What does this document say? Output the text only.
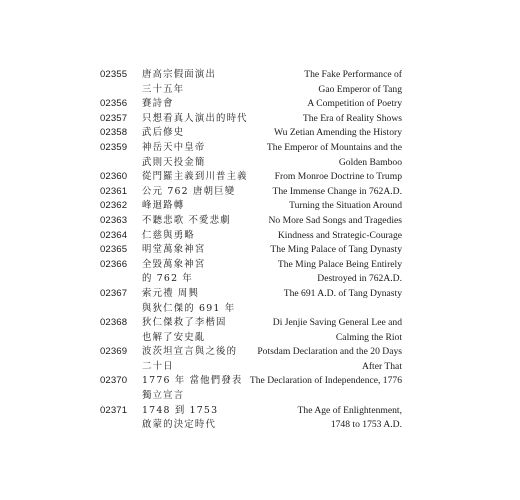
02355	唐高宗假面演出
三十五年
The Fake Performance of
Gao Emperor of Tang
02356	賽詩會	A Competition of Poetry
02357	只想看真人演出的時代	The Era of Reality Shows
02358	武后修史	Wu Zetian Amending the History
02359	神岳天中皇帝
武則天投金簡
The Emperor of Mountains and the
Golden Bamboo
02360	從門羅主義到川普主義	From Monroe Doctrine to Trump
02361	公元 762 唐朝巨變	The Immense Change in 762A.D.
02362	峰迴路轉	Turning the Situation Around
02363	不聽悲歌 不愛悲劇	No More Sad Songs and Tragedies
02364	仁慈與勇略	Kindness and Strategic-Courage
02365	明堂萬象神宮	The Ming Palace of Tang Dynasty
02366	全毀萬象神宮
的 762 年
The Ming Palace Being Entirely
Destroyed in 762A.D.
02367	索元禮 周興
與狄仁傑的 691 年
The 691 A.D. of Tang Dynasty
02368	狄仁傑救了李楷固
也解了安史亂
Di Jenjie Saving General Lee and
Calming the Riot
02369	波茨坦宣言與之後的
二十日
Potsdam Declaration and the 20 Days
After That
02370	1776 年 當他們發表
獨立宣言
The Declaration of Independence, 1776
02371	1748 到 1753
啟蒙的決定時代
The Age of Enlightenment,
1748 to 1753 A.D.
